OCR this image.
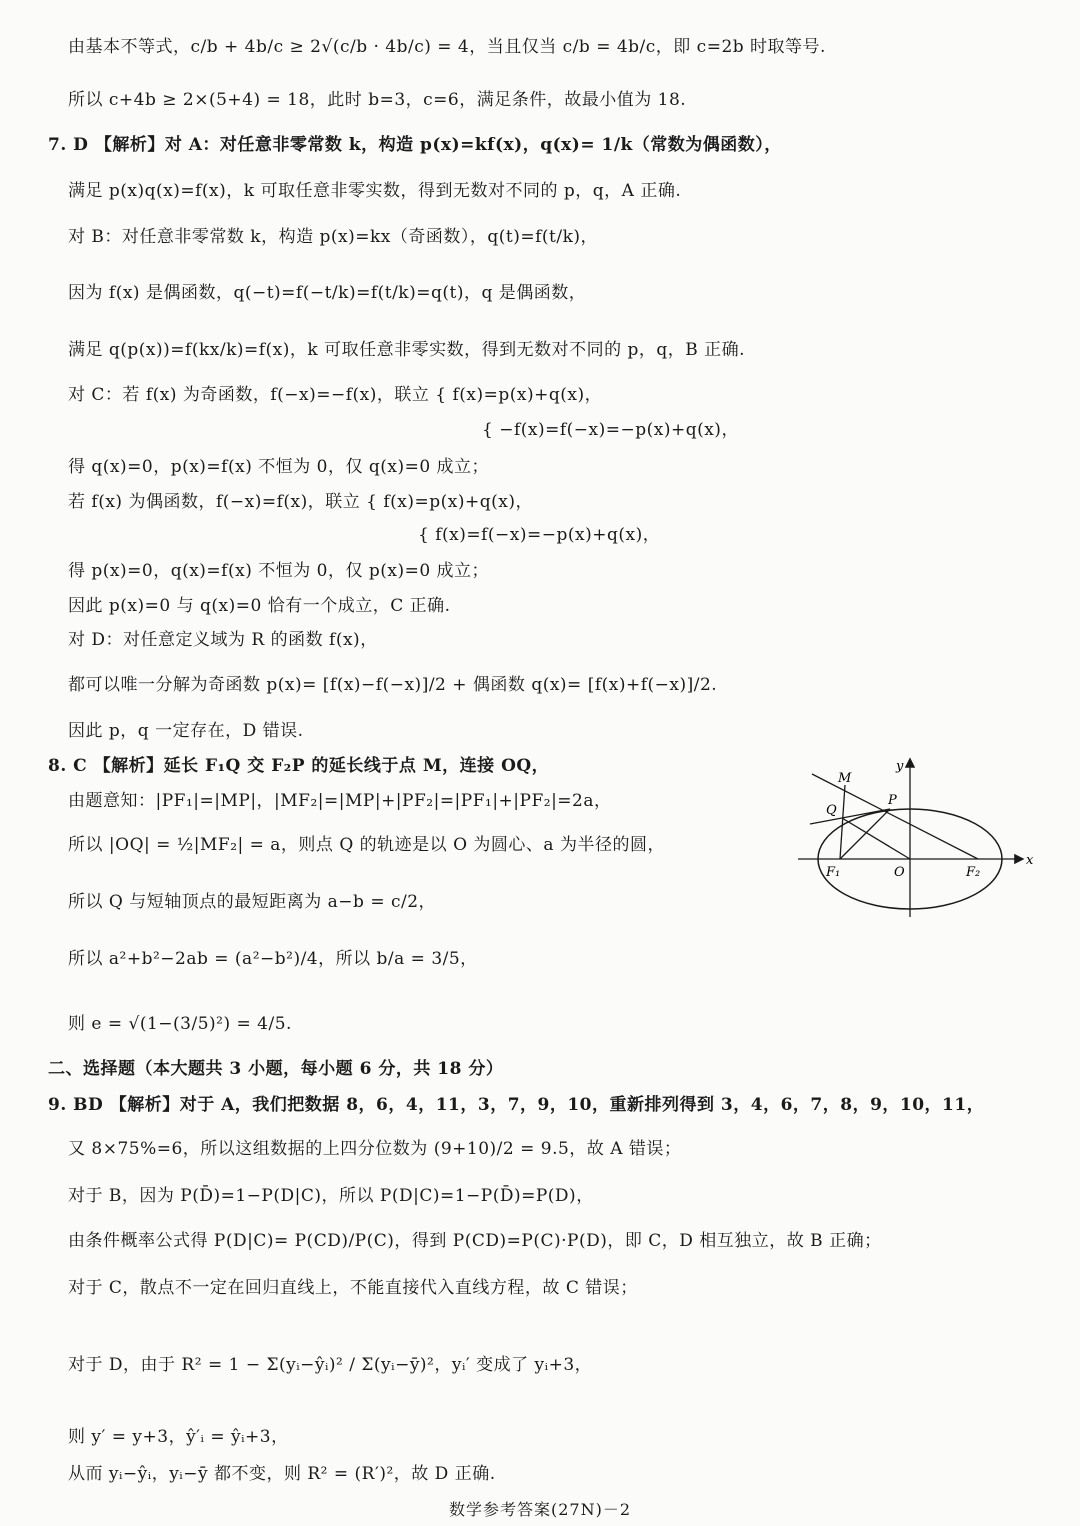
由基本不等式，c/b + 4b/c ≥ 2√(c/b · 4b/c) = 4，当且仅当 c/b = 4b/c，即 c=2b 时取等号.
所以 c+4b ≥ 2×(5+4) = 18，此时 b=3，c=6，满足条件，故最小值为 18.
7. D 【解析】对 A：对任意非零常数 k，构造 p(x)=kf(x)，q(x)= 1/k（常数为偶函数），
满足 p(x)q(x)=f(x)，k 可取任意非零实数，得到无数对不同的 p，q，A 正确.
对 B：对任意非零常数 k，构造 p(x)=kx（奇函数），q(t)=f(t/k)，
因为 f(x) 是偶函数，q(−t)=f(−t/k)=f(t/k)=q(t)，q 是偶函数，
满足 q(p(x))=f(kx/k)=f(x)，k 可取任意非零实数，得到无数对不同的 p，q，B 正确.
对 C：若 f(x) 为奇函数，f(−x)=−f(x)，联立 { f(x)=p(x)+q(x)，
{ −f(x)=f(−x)=−p(x)+q(x)，
得 q(x)=0，p(x)=f(x) 不恒为 0，仅 q(x)=0 成立；
若 f(x) 为偶函数，f(−x)=f(x)，联立 { f(x)=p(x)+q(x)，
{ f(x)=f(−x)=−p(x)+q(x)，
得 p(x)=0，q(x)=f(x) 不恒为 0，仅 p(x)=0 成立；
因此 p(x)=0 与 q(x)=0 恰有一个成立，C 正确.
对 D：对任意定义域为 R 的函数 f(x)，
都可以唯一分解为奇函数 p(x)= [f(x)−f(−x)]/2 + 偶函数 q(x)= [f(x)+f(−x)]/2.
因此 p，q 一定存在，D 错误.
8. C 【解析】延长 F₁Q 交 F₂P 的延长线于点 M，连接 OQ，
由题意知：|PF₁|=|MP|，|MF₂|=|MP|+|PF₂|=|PF₁|+|PF₂|=2a，
所以 |OQ| = ½|MF₂| = a，则点 Q 的轨迹是以 O 为圆心、a 为半径的圆，
所以 Q 与短轴顶点的最短距离为 a−b = c/2，
所以 a²+b²−2ab = (a²−b²)/4，所以 b/a = 3/5，
则 e = √(1−(3/5)²) = 4/5.
二、选择题（本大题共 3 小题，每小题 6 分，共 18 分）
9. BD 【解析】对于 A，我们把数据 8，6，4，11，3，7，9，10，重新排列得到 3，4，6，7，8，9，10，11，
又 8×75%=6，所以这组数据的上四分位数为 (9+10)/2 = 9.5，故 A 错误；
对于 B，因为 P(D̄)=1−P(D|C)，所以 P(D|C)=1−P(D̄)=P(D)，
由条件概率公式得 P(D|C)= P(CD)/P(C)，得到 P(CD)=P(C)·P(D)，即 C，D 相互独立，故 B 正确；
对于 C，散点不一定在回归直线上，不能直接代入直线方程，故 C 错误；
对于 D，由于 R² = 1 − Σ(yᵢ−ŷᵢ)² / Σ(yᵢ−ȳ)²，yᵢ′ 变成了 yᵢ+3，
则 y′ = y+3，ŷ′ᵢ = ŷᵢ+3，
从而 yᵢ−ŷᵢ，yᵢ−ȳ 都不变，则 R² = (R′)²，故 D 正确.
y
x
M
P
Q
F₁	O	F₂
数学参考答案(27N)－2
